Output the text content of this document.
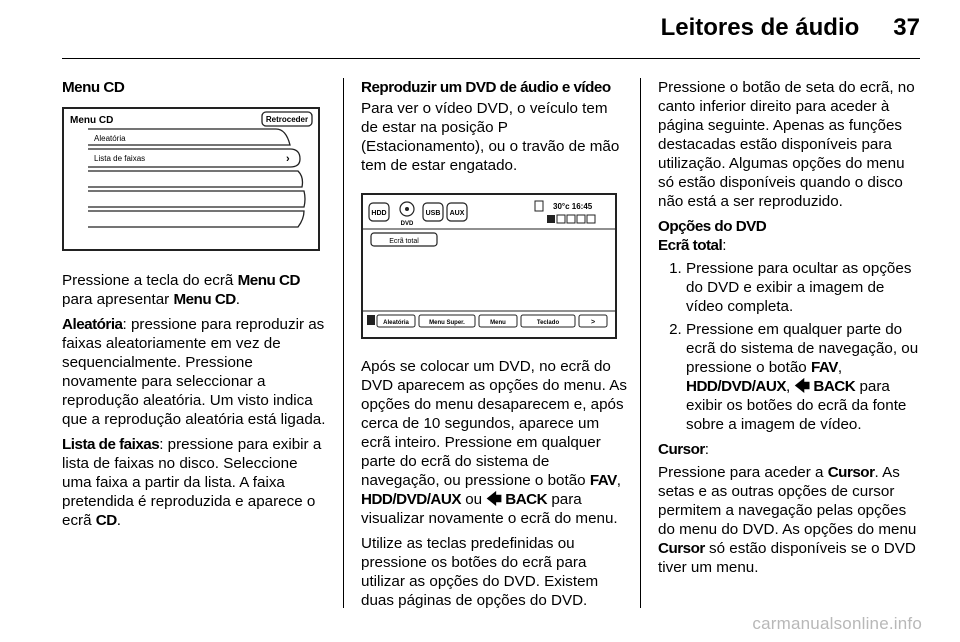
Leitores de áudio 37

Menu CD

Menu CD	Retroceder
Aleatória
Lista de faixas	›

Pressione a tecla do ecrã Menu CD para apresentar Menu CD.

Aleatória: pressione para reproduzir as faixas aleatoriamente em vez de sequencialmente. Pressione novamente para seleccionar a reprodução aleatória. Um visto indica que a reprodução aleatória está ligada.

Lista de faixas: pressione para exibir a lista de faixas no disco. Seleccione uma faixa a partir da lista. A faixa pretendida é reproduzida e aparece o ecrã CD.

Reproduzir um DVD de áudio e vídeo

Para ver o vídeo DVD, o veículo tem de estar na posição P (Estacionamento), ou o travão de mão tem de estar engatado.

HDD
DVD
USB AUX
30°c 16:45
Ecrã total
Aleatória	Menu Super.	Menu	Teclado	>

Após se colocar um DVD, no ecrã do DVD aparecem as opções do menu. As opções do menu desaparecem e, após cerca de 10 segundos, aparece um ecrã inteiro. Pressione em qualquer parte do ecrã do sistema de navegação, ou pressione o botão FAV, HDD/DVD/AUX ou 🡄 BACK para visualizar novamente o ecrã do menu.

Utilize as teclas predefinidas ou pressione os botões do ecrã para utilizar as opções do DVD. Existem duas páginas de opções do DVD.

Pressione o botão de seta do ecrã, no canto inferior direito para aceder à página seguinte. Apenas as funções destacadas estão disponíveis para utilização. Algumas opções do menu só estão disponíveis quando o disco não está a ser reproduzido.

Opções do DVD

Ecrã total:

1. Pressione para ocultar as opções do DVD e exibir a imagem de vídeo completa.
2. Pressione em qualquer parte do ecrã do sistema de navegação, ou pressione o botão FAV, HDD/DVD/AUX, 🡄 BACK para exibir os botões do ecrã da fonte sobre a imagem de vídeo.

Cursor:

Pressione para aceder a Cursor. As setas e as outras opções de cursor permitem a navegação pelas opções do menu do DVD. As opções do menu Cursor só estão disponíveis se o DVD tiver um menu.

carmanualsonline.info
